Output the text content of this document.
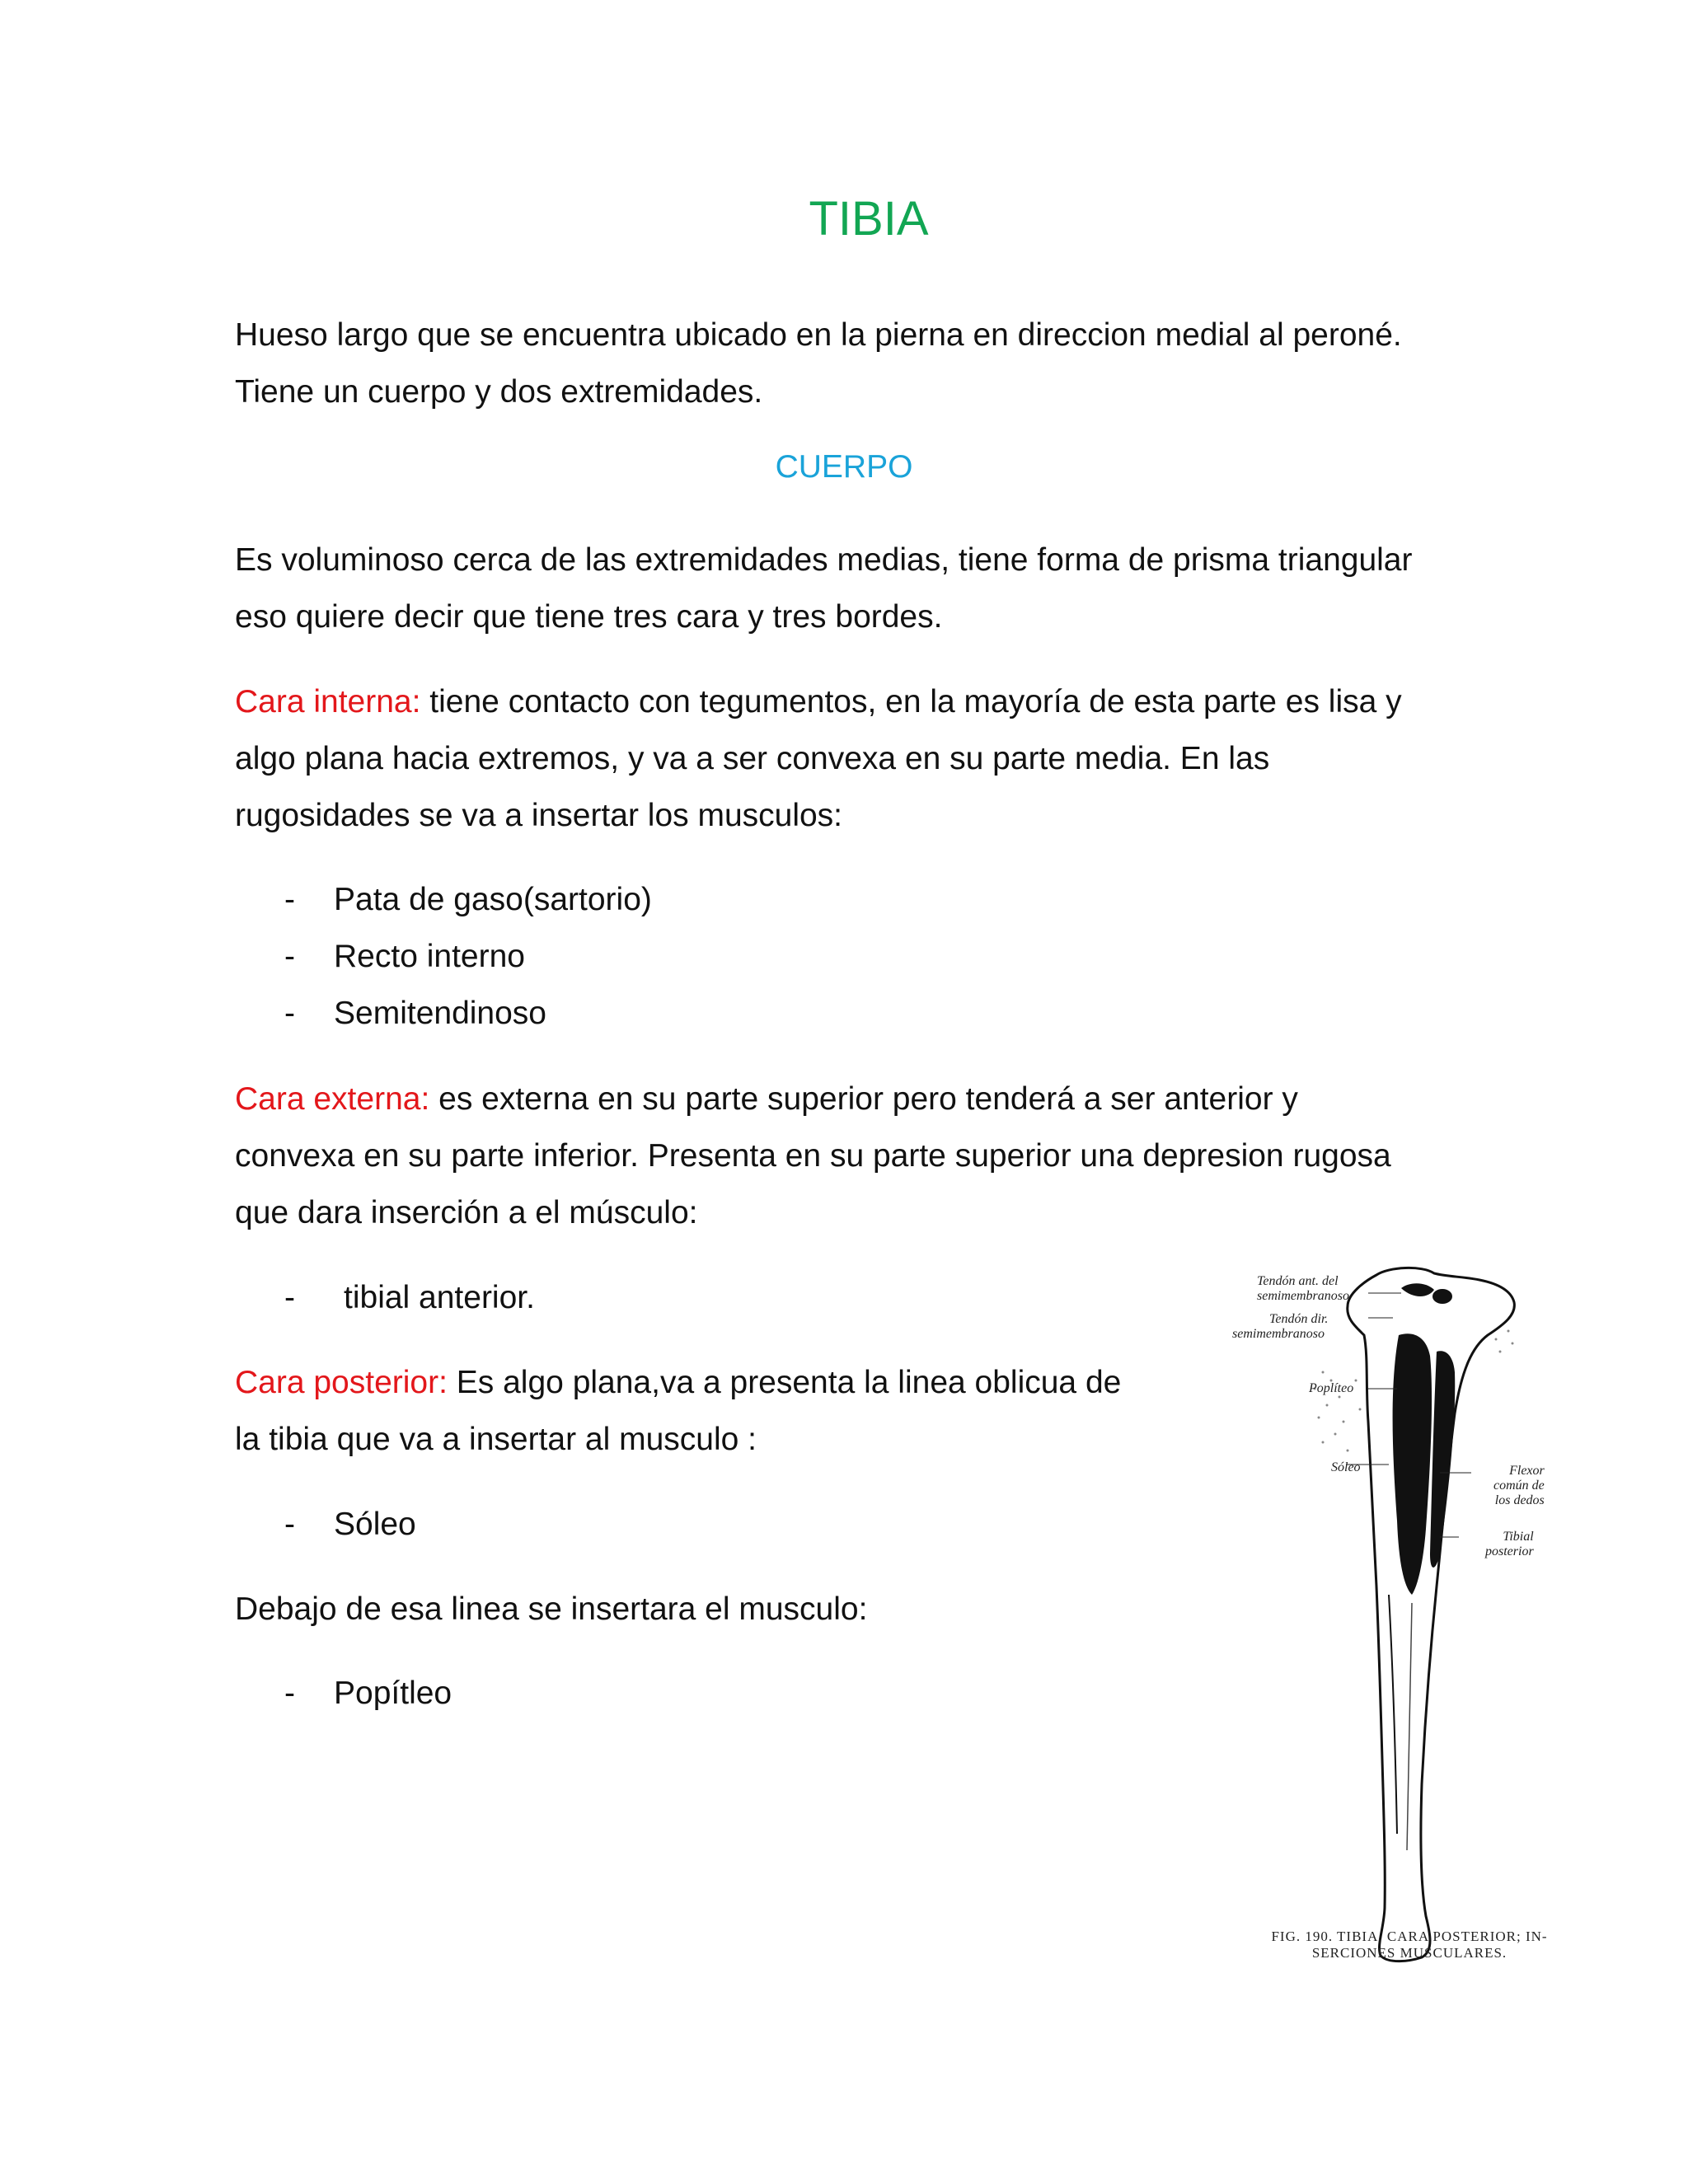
TIBIA

Hueso largo que se encuentra ubicado en la pierna en direccion medial al peroné.

Tiene un cuerpo y dos extremidades.

CUERPO

Es voluminoso cerca de las extremidades medias, tiene forma de prisma triangular

eso quiere decir que tiene tres cara y tres bordes.

Cara interna: tiene contacto con tegumentos, en la mayoría de esta parte es lisa y

algo plana hacia extremos, y va a ser convexa en su parte media. En las

rugosidades se va a insertar los musculos:

- Pata de gaso(sartorio)

- Recto interno

- Semitendinoso

Cara externa: es externa en su parte superior pero tenderá a ser anterior y

convexa en su parte inferior. Presenta en su parte superior una depresion rugosa

que dara inserción a el músculo:

- tibial anterior.

Cara posterior: Es algo plana,va a presenta la linea oblicua de

la tibia que va a insertar al musculo :

- Sóleo

Debajo de esa linea se insertara el musculo:

- Popítleo

Tendón ant. del
semimembranoso
Tendón dir.
semimembranoso
Poplíteo
Sóleo	Flexor
común de
los dedos
Tibial
posterior
FIG. 190. TIBIA, CARA POSTERIOR; IN-
SERCIONES MUSCULARES.
